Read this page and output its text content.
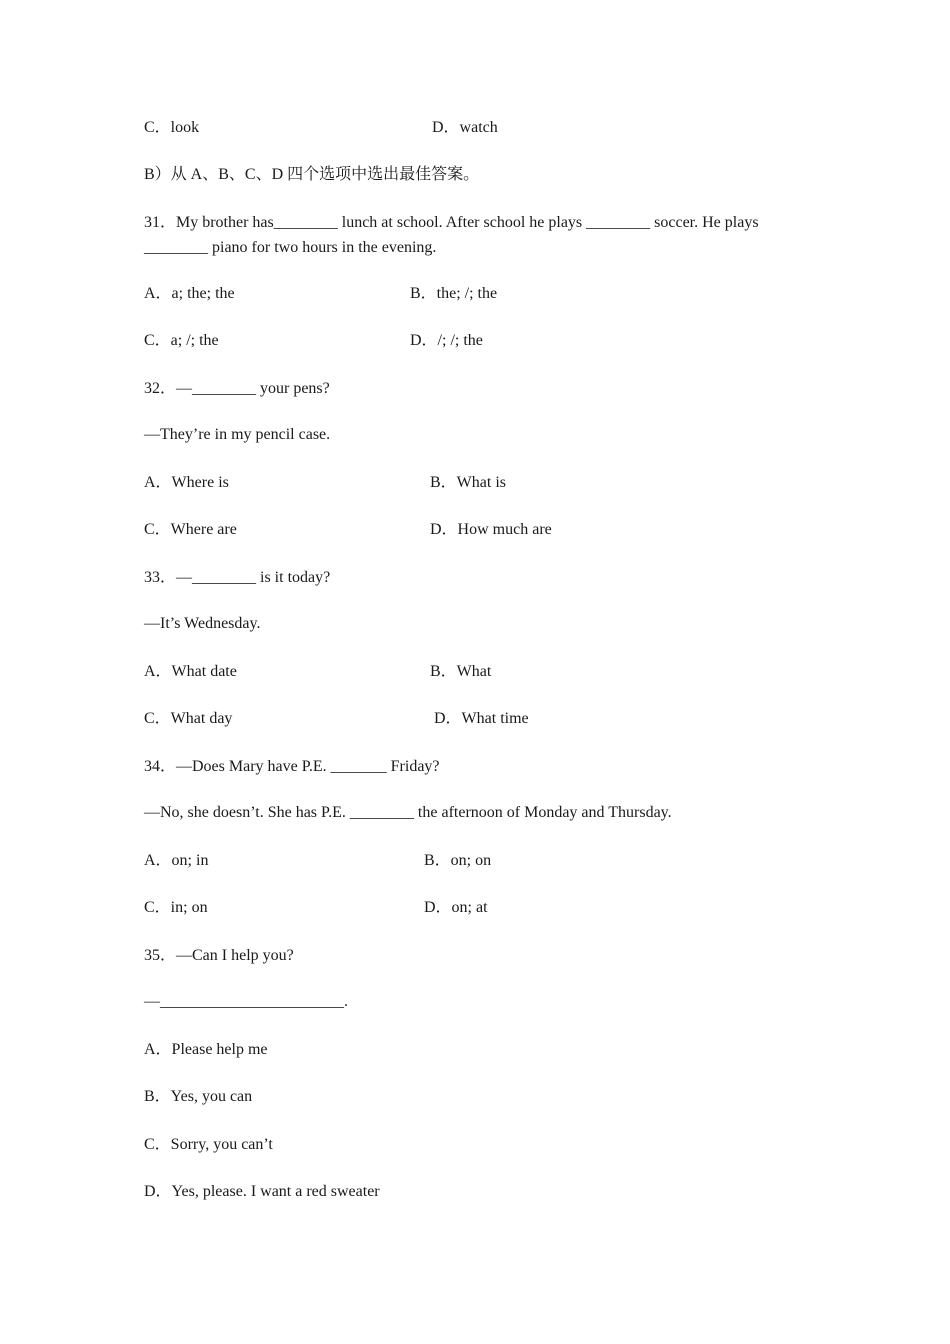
C．look	D．watch
B）从 A、B、C、D 四个选项中选出最佳答案。
31．My brother has________ lunch at school. After school he plays ________ soccer. He plays ________ piano for two hours in the evening.
A．a; the; the	B．the; /; the
C．a; /; the	D．/; /; the
32．—________ your pens?
—They’re in my pencil case.
A．Where is	B．What is
C．Where are	D．How much are
33．—________ is it today?
—It’s Wednesday.
A．What date	B．What
C．What day	D．What time
34．—Does Mary have P.E. _______ Friday?
—No, she doesn’t. She has P.E. ________ the afternoon of Monday and Thursday.
A．on; in	B．on; on
C．in; on	D．on; at
35．—Can I help you?
—_______________________.
A．Please help me
B．Yes, you can
C．Sorry, you can’t
D．Yes, please. I want a red sweater
